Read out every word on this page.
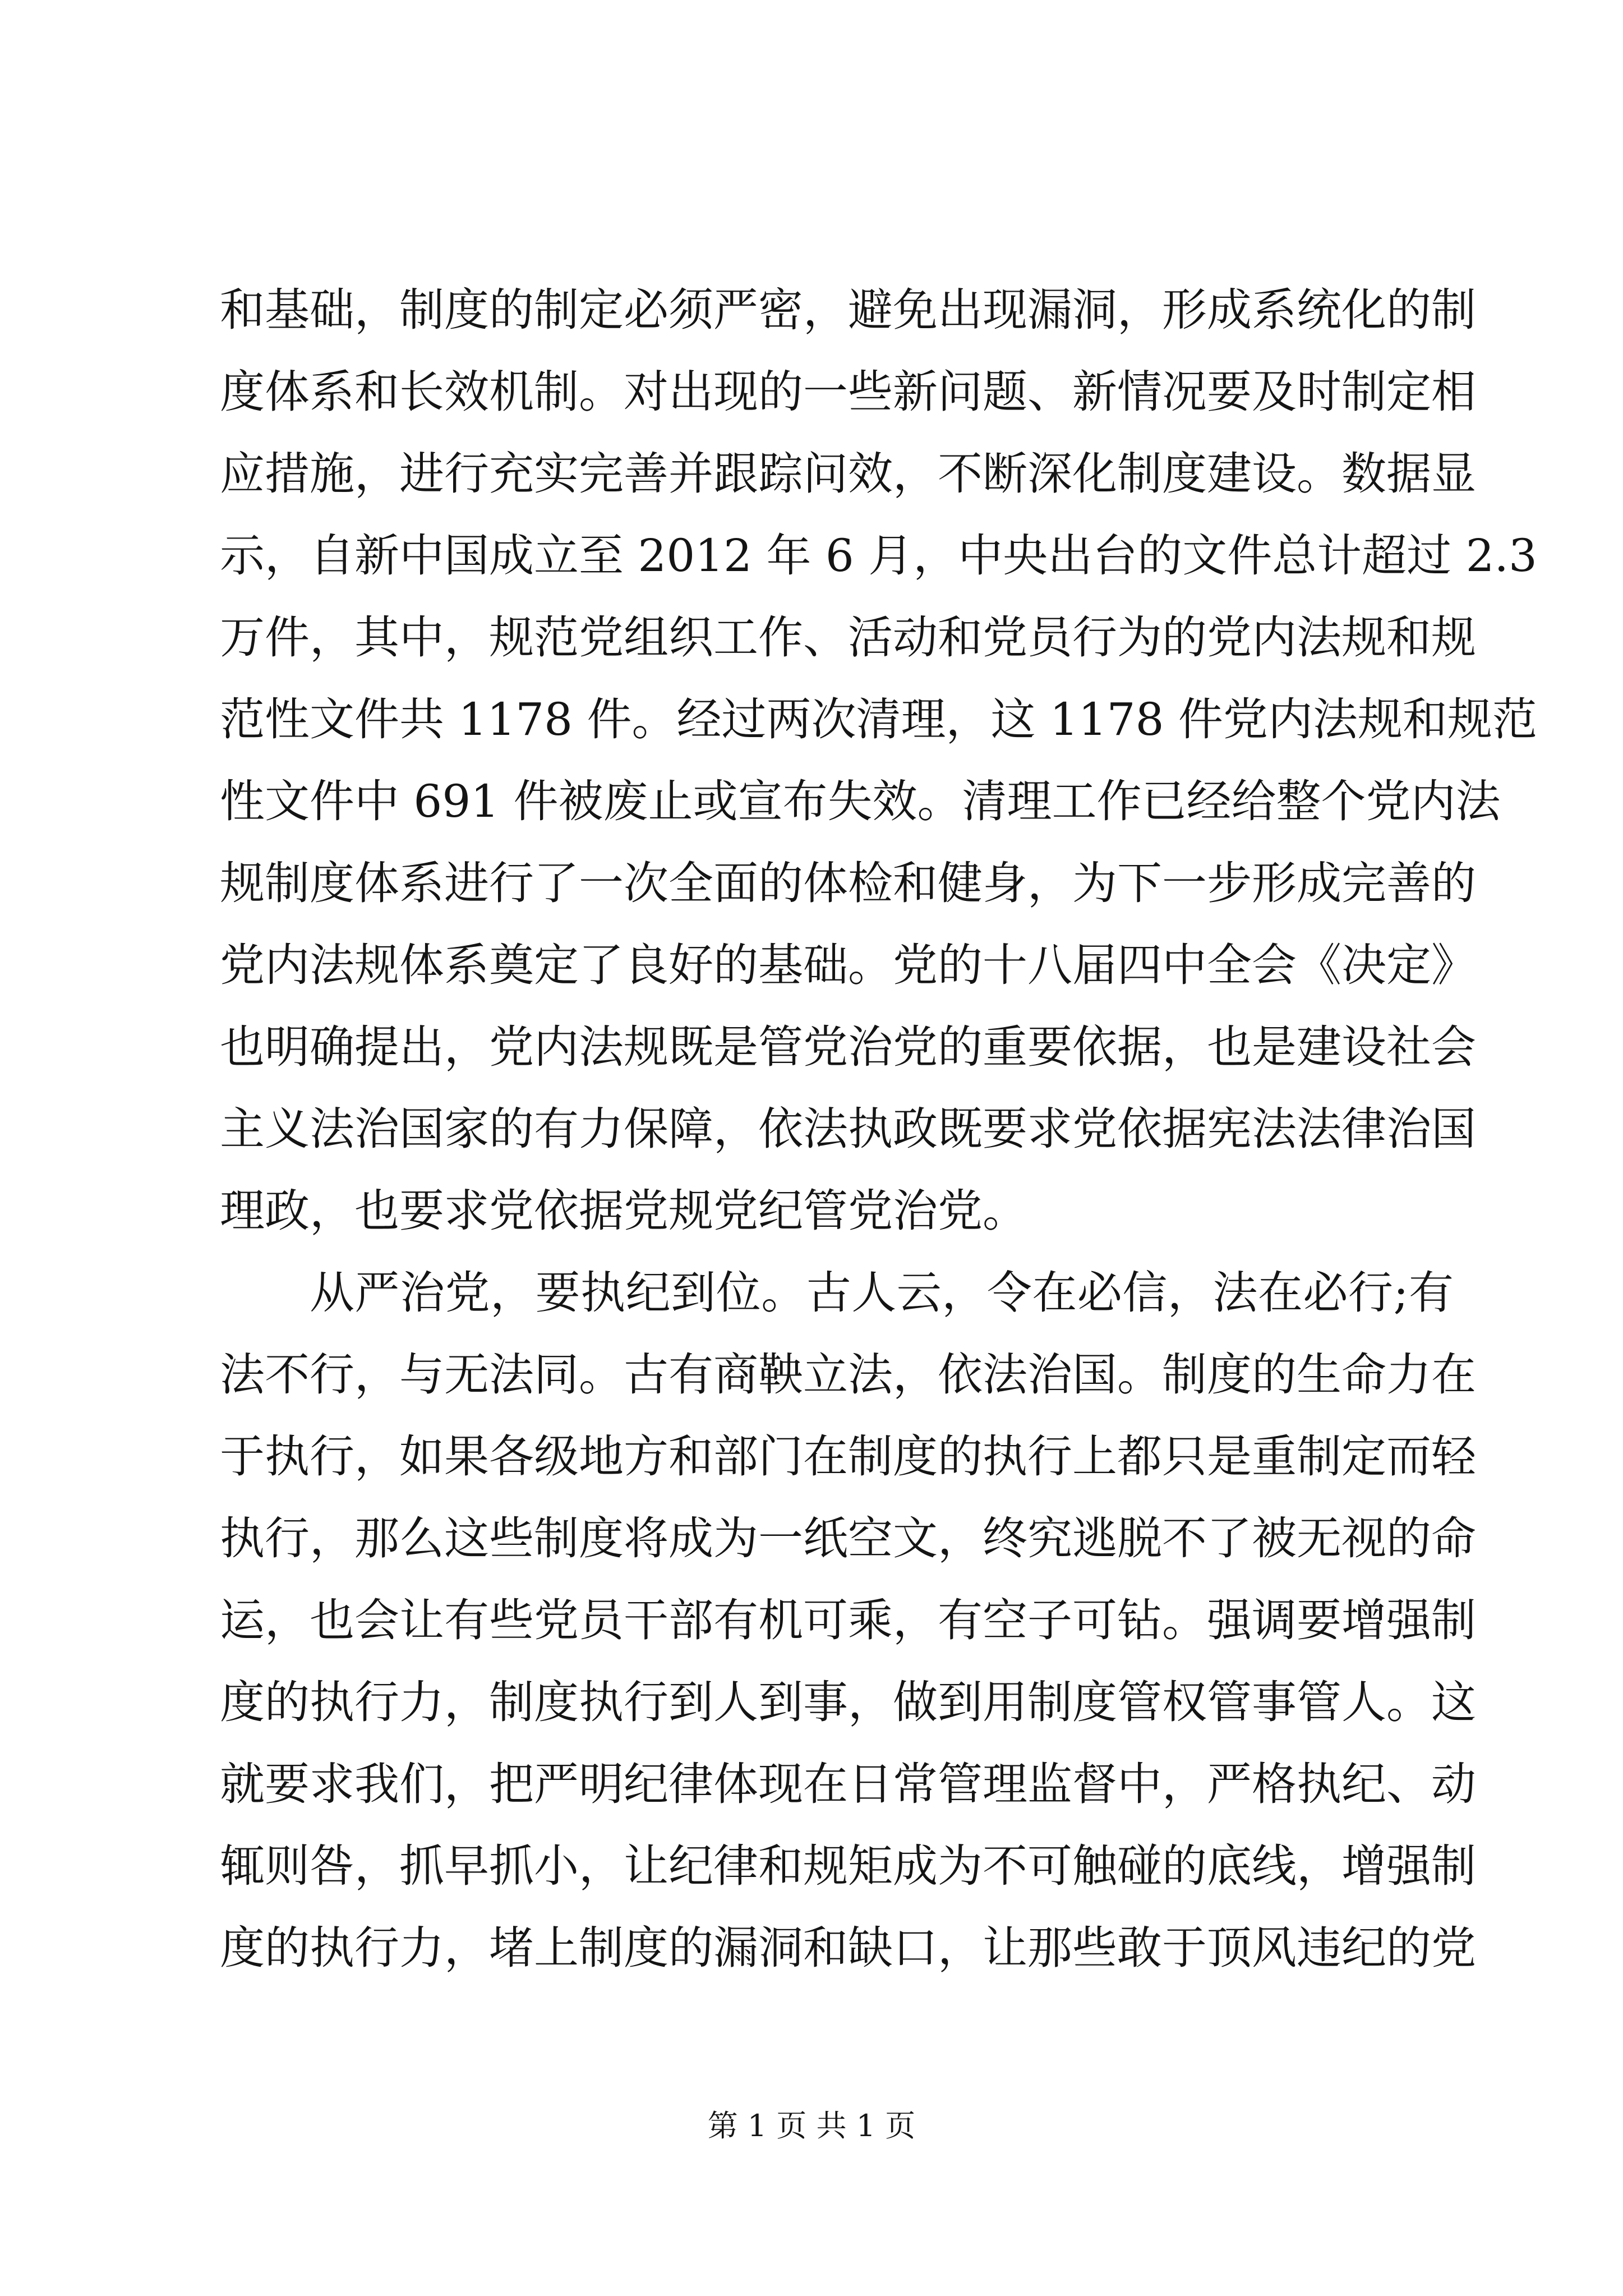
和基础，制度的制定必须严密，避免出现漏洞，形成系统化的制
度体系和长效机制。对出现的一些新问题、新情况要及时制定相
应措施，进行充实完善并跟踪问效，不断深化制度建设。数据显
示，自新中国成立至 2012 年 6 月，中央出台的文件总计超过 2.3
万件，其中，规范党组织工作、活动和党员行为的党内法规和规
范性文件共 1178 件。经过两次清理，这 1178 件党内法规和规范
性文件中 691 件被废止或宣布失效。清理工作已经给整个党内法
规制度体系进行了一次全面的体检和健身，为下一步形成完善的
党内法规体系奠定了良好的基础。党的十八届四中全会《决定》
也明确提出，党内法规既是管党治党的重要依据，也是建设社会
主义法治国家的有力保障，依法执政既要求党依据宪法法律治国
理政，也要求党依据党规党纪管党治党。
从严治党，要执纪到位。古人云，令在必信，法在必行;有
法不行，与无法同。古有商鞅立法，依法治国。制度的生命力在
于执行，如果各级地方和部门在制度的执行上都只是重制定而轻
执行，那么这些制度将成为一纸空文，终究逃脱不了被无视的命
运，也会让有些党员干部有机可乘，有空子可钻。强调要增强制
度的执行力，制度执行到人到事，做到用制度管权管事管人。这
就要求我们，把严明纪律体现在日常管理监督中，严格执纪、动
辄则咎，抓早抓小，让纪律和规矩成为不可触碰的底线，增强制
度的执行力，堵上制度的漏洞和缺口，让那些敢于顶风违纪的党
第 1 页 共 1 页
